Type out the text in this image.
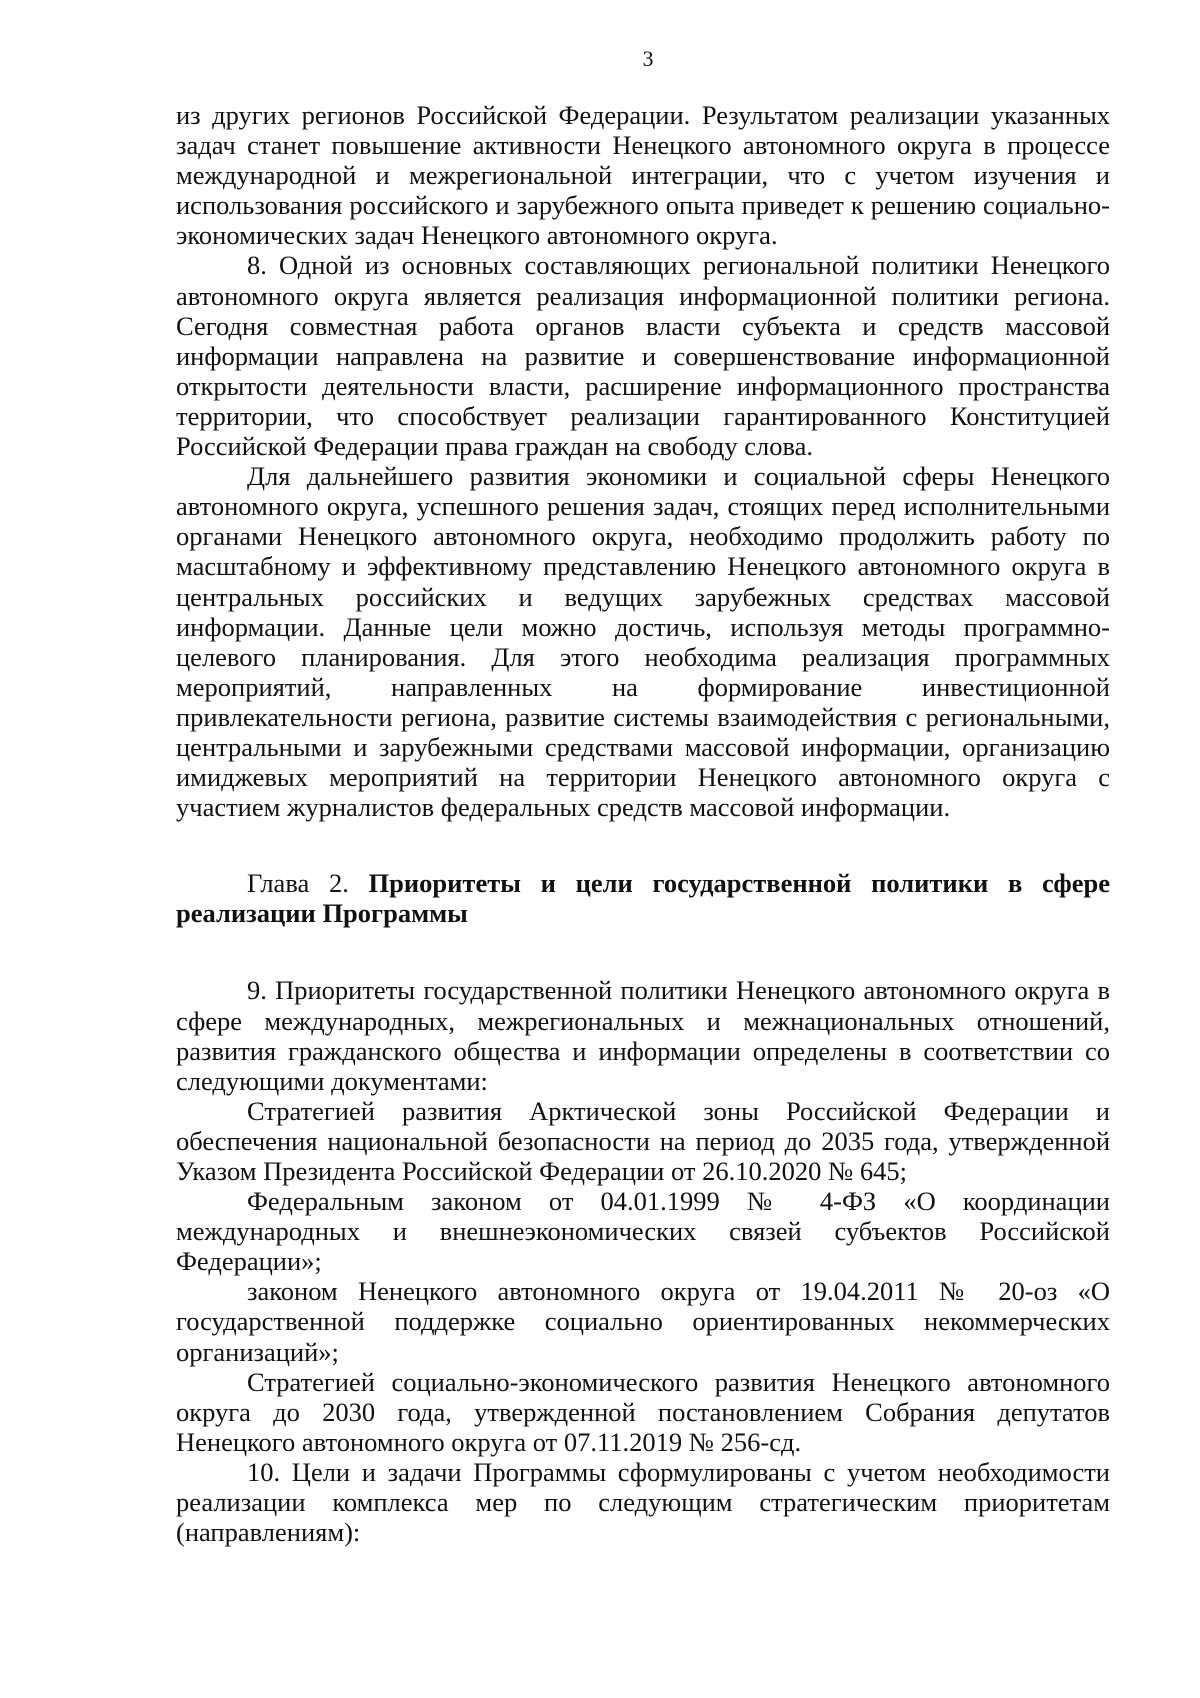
3

из других регионов Российской Федерации. Результатом реализации указанных задач станет повышение активности Ненецкого автономного округа в процессе международной и межрегиональной интеграции, что с учетом изучения и использования российского и зарубежного опыта приведет к решению социально-экономических задач Ненецкого автономного округа.

8. Одной из основных составляющих региональной политики Ненецкого автономного округа является реализация информационной политики региона. Сегодня совместная работа органов власти субъекта и средств массовой информации направлена на развитие и совершенствование информационной открытости деятельности власти, расширение информационного пространства территории, что способствует реализации гарантированного Конституцией Российской Федерации права граждан на свободу слова.

Для дальнейшего развития экономики и социальной сферы Ненецкого автономного округа, успешного решения задач, стоящих перед исполнительными органами Ненецкого автономного округа, необходимо продолжить работу по масштабному и эффективному представлению Ненецкого автономного округа в центральных российских и ведущих зарубежных средствах массовой информации. Данные цели можно достичь, используя методы программно-целевого планирования. Для этого необходима реализация программных мероприятий, направленных на формирование инвестиционной привлекательности региона, развитие системы взаимодействия с региональными, центральными и зарубежными средствами массовой информации, организацию имиджевых мероприятий на территории Ненецкого автономного округа с участием журналистов федеральных средств массовой информации.

Глава 2. Приоритеты и цели государственной политики в сфере реализации Программы

9. Приоритеты государственной политики Ненецкого автономного округа в сфере международных, межрегиональных и межнациональных отношений, развития гражданского общества и информации определены в соответствии со следующими документами:

Стратегией развития Арктической зоны Российской Федерации и обеспечения национальной безопасности на период до 2035 года, утвержденной Указом Президента Российской Федерации от 26.10.2020 № 645;

Федеральным законом от 04.01.1999 № 4-ФЗ «О координации международных и внешнеэкономических связей субъектов Российской Федерации»;

законом Ненецкого автономного округа от 19.04.2011 № 20-оз «О государственной поддержке социально ориентированных некоммерческих организаций»;

Стратегией социально-экономического развития Ненецкого автономного округа до 2030 года, утвержденной постановлением Собрания депутатов Ненецкого автономного округа от 07.11.2019 № 256-сд.

10. Цели и задачи Программы сформулированы с учетом необходимости реализации комплекса мер по следующим стратегическим приоритетам (направлениям):
